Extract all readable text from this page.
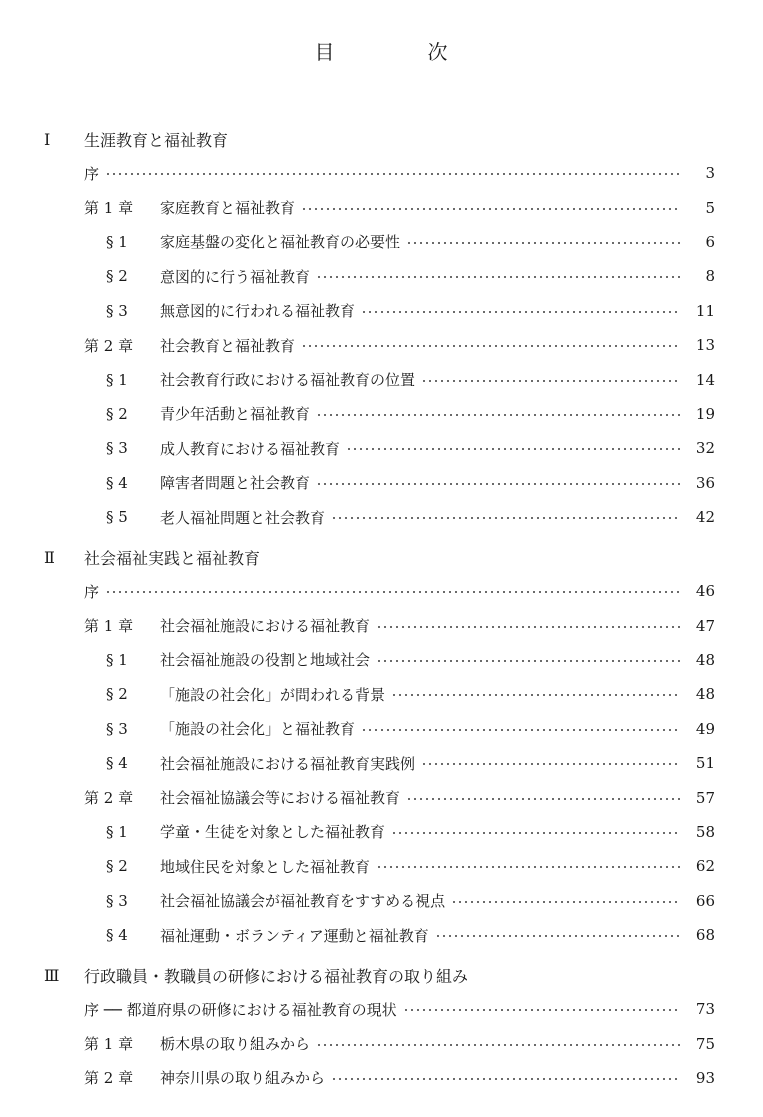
目	次
Ⅰ	生涯教育と福祉教育
序	3
第 1 章 家庭教育と福祉教育	5
§ 1 家庭基盤の変化と福祉教育の必要性	6
§ 2 意図的に行う福祉教育	8
§ 3 無意図的に行われる福祉教育	11
第 2 章 社会教育と福祉教育	13
§ 1 社会教育行政における福祉教育の位置	14
§ 2 青少年活動と福祉教育	19
§ 3 成人教育における福祉教育	32
§ 4 障害者問題と社会教育	36
§ 5 老人福祉問題と社会教育	42
Ⅱ	社会福祉実践と福祉教育
序	46
第 1 章 社会福祉施設における福祉教育	47
§ 1 社会福祉施設の役割と地域社会	48
§ 2 「施設の社会化」が問われる背景	48
§ 3 「施設の社会化」と福祉教育	49
§ 4 社会福祉施設における福祉教育実践例	51
第 2 章 社会福祉協議会等における福祉教育	57
§ 1 学童・生徒を対象とした福祉教育	58
§ 2 地域住民を対象とした福祉教育	62
§ 3 社会福祉協議会が福祉教育をすすめる視点	66
§ 4 福祉運動・ボランティア運動と福祉教育	68
Ⅲ	行政職員・教職員の研修における福祉教育の取り組み
序 ── 都道府県の研修における福祉教育の現状	73
第 1 章 栃木県の取り組みから	75
第 2 章 神奈川県の取り組みから	93
